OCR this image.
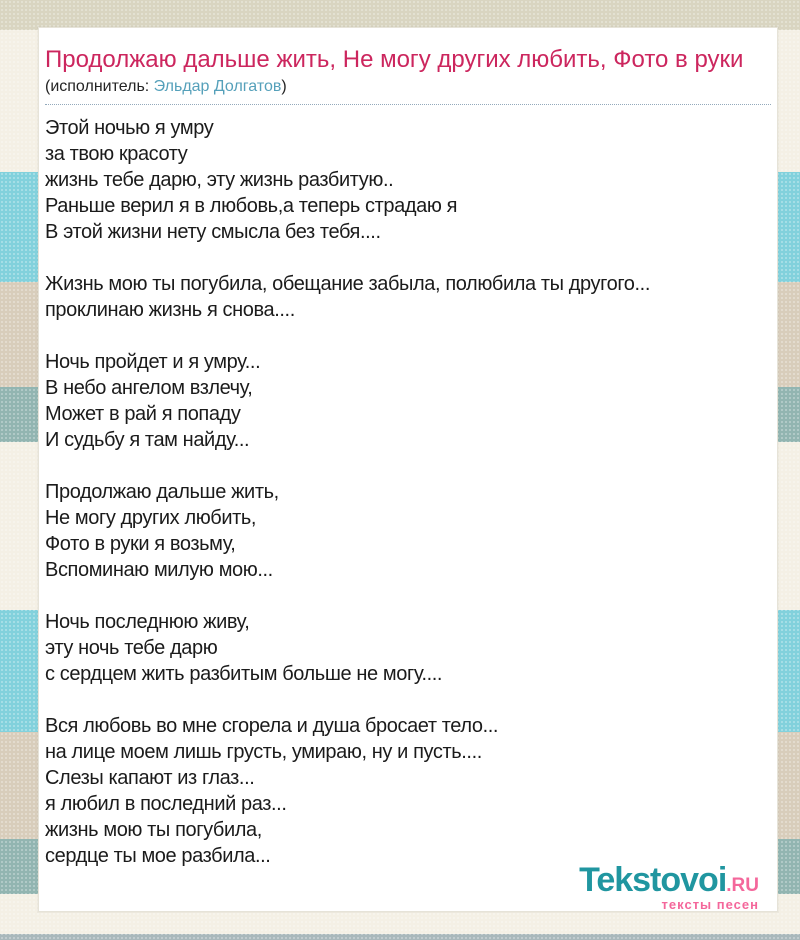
Продолжаю дальше жить, Не могу других любить, Фото в руки
(исполнитель: Эльдар Долгатов)
Этой ночью я умру
за твою красоту
жизнь тебе дарю, эту жизнь разбитую..
Раньше верил я в любовь,а теперь страдаю я
В этой жизни нету смысла без тебя....
Жизнь мою ты погубила, обещание забыла, полюбила ты другого...
проклинаю жизнь я снова....
Ночь пройдет и я умру...
В небо ангелом взлечу,
Может в рай я попаду
И судьбу я там найду...
Продолжаю дальше жить,
Не могу других любить,
Фото в руки я возьму,
Вспоминаю милую мою...
Ночь последнюю живу,
эту ночь тебе дарю
с сердцем жить разбитым больше не могу....
Вся любовь во мне сгорела и душа бросает тело...
на лице моем лишь грусть, умираю, ну и пусть....
Слезы капают из глаз...
я любил в последний раз...
жизнь мою ты погубила,
сердце ты мое разбила...
Tekstovoi.RU
тексты песен
